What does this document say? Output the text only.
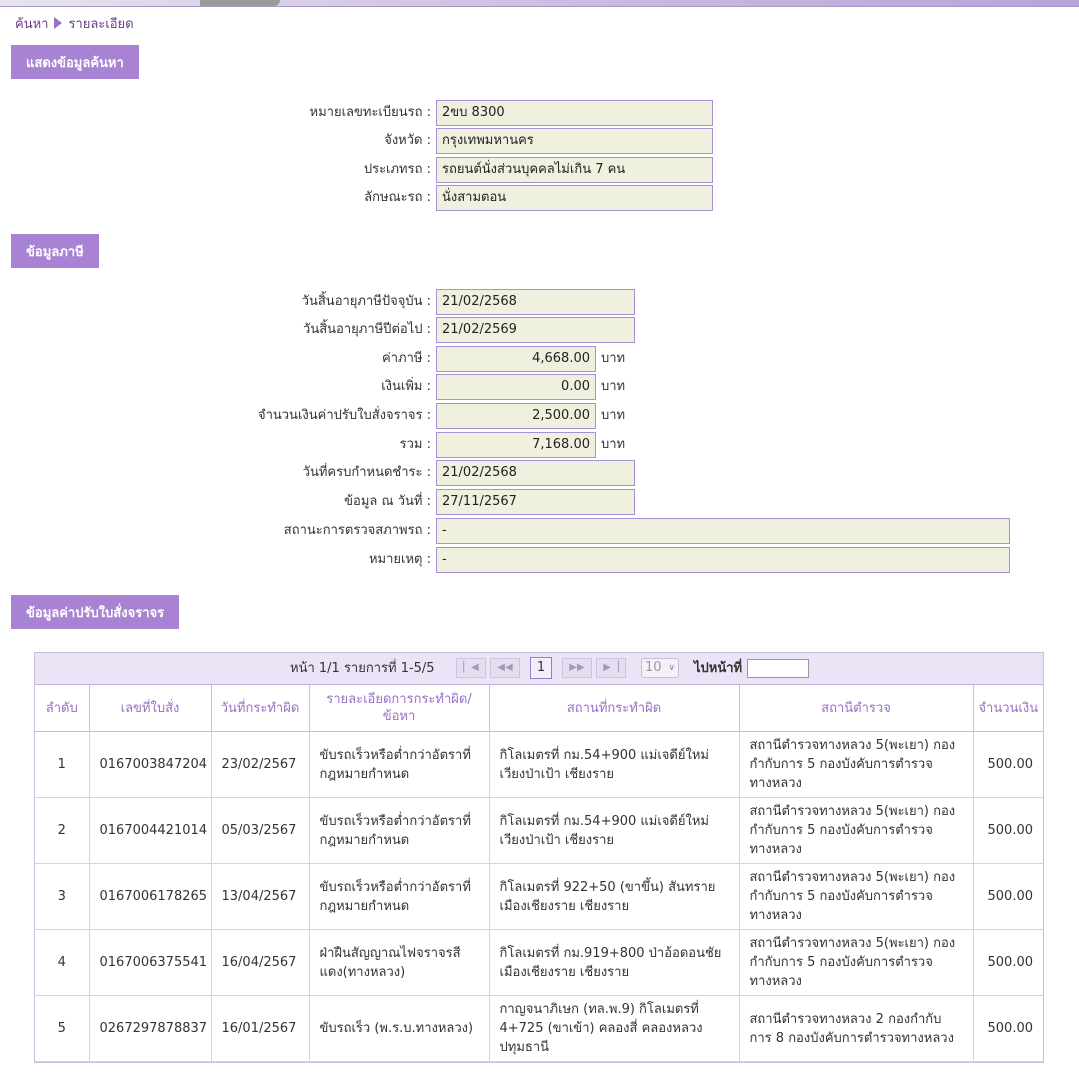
ค้นหา รายละเอียด
แสดงข้อมูลค้นหา
หมายเลขทะเบียนรถ : 2ขบ 8300
จังหวัด : กรุงเทพมหานคร
ประเภทรถ : รถยนต์นั่งส่วนบุคคลไม่เกิน 7 คน
ลักษณะรถ : นั่งสามตอน
ข้อมูลภาษี
วันสิ้นอายุภาษีปัจจุบัน : 21/02/2568
วันสิ้นอายุภาษีปีต่อไป : 21/02/2569
ค่าภาษี :	4,668.00 บาท
เงินเพิ่ม :	0.00 บาท
จำนวนเงินค่าปรับใบสั่งจราจร :	2,500.00 บาท
รวม :	7,168.00 บาท
วันที่ครบกำหนดชำระ : 21/02/2568
ข้อมูล ณ วันที่ : 27/11/2567
สถานะการตรวจสภาพรถ : -
หมายเหตุ : -
ข้อมูลค่าปรับใบสั่งจราจร
หน้า 1/1 รายการที่ 1-5/5	▏◀	◀◀	1	▶▶	▶▕	10 ∨ ไปหน้าที่
ลำดับ	เลขที่ใบสั่ง	วันที่กระทำผิด	รายละเอียดการกระทำผิด/ข้อหา	สถานที่กระทำผิด	สถานีตำรวจ	จำนวนเงิน
1	0167003847204	23/02/2567	ขับรถเร็วหรือต่ำกว่าอัตราที่กฎหมายกำหนด	กิโลเมตรที่ กม.54+900 แม่เจดีย์ใหม่ เวียงป่าเป้า เชียงราย	สถานีตำรวจทางหลวง 5(พะเยา) กองกำกับการ 5 กองบังคับการตำรวจทางหลวง	500.00
2	0167004421014	05/03/2567	ขับรถเร็วหรือต่ำกว่าอัตราที่กฎหมายกำหนด	กิโลเมตรที่ กม.54+900 แม่เจดีย์ใหม่ เวียงป่าเป้า เชียงราย	สถานีตำรวจทางหลวง 5(พะเยา) กองกำกับการ 5 กองบังคับการตำรวจทางหลวง	500.00
3	0167006178265	13/04/2567	ขับรถเร็วหรือต่ำกว่าอัตราที่กฎหมายกำหนด	กิโลเมตรที่ 922+50 (ขาขึ้น) สันทราย เมืองเชียงราย เชียงราย	สถานีตำรวจทางหลวง 5(พะเยา) กองกำกับการ 5 กองบังคับการตำรวจทางหลวง	500.00
4	0167006375541	16/04/2567	ฝ่าฝืนสัญญาณไฟจราจรสีแดง(ทางหลวง)	กิโลเมตรที่ กม.919+800 ป่าอ้อดอนชัย เมืองเชียงราย เชียงราย	สถานีตำรวจทางหลวง 5(พะเยา) กองกำกับการ 5 กองบังคับการตำรวจทางหลวง	500.00
5	0267297878837	16/01/2567	ขับรถเร็ว (พ.ร.บ.ทางหลวง)	กาญจนาภิเษก (ทล.พ.9) กิโลเมตรที่ 4+725 (ขาเข้า) คลองสี่ คลองหลวง ปทุมธานี	สถานีตำรวจทางหลวง 2 กองกำกับการ 8 กองบังคับการตำรวจทางหลวง	500.00
